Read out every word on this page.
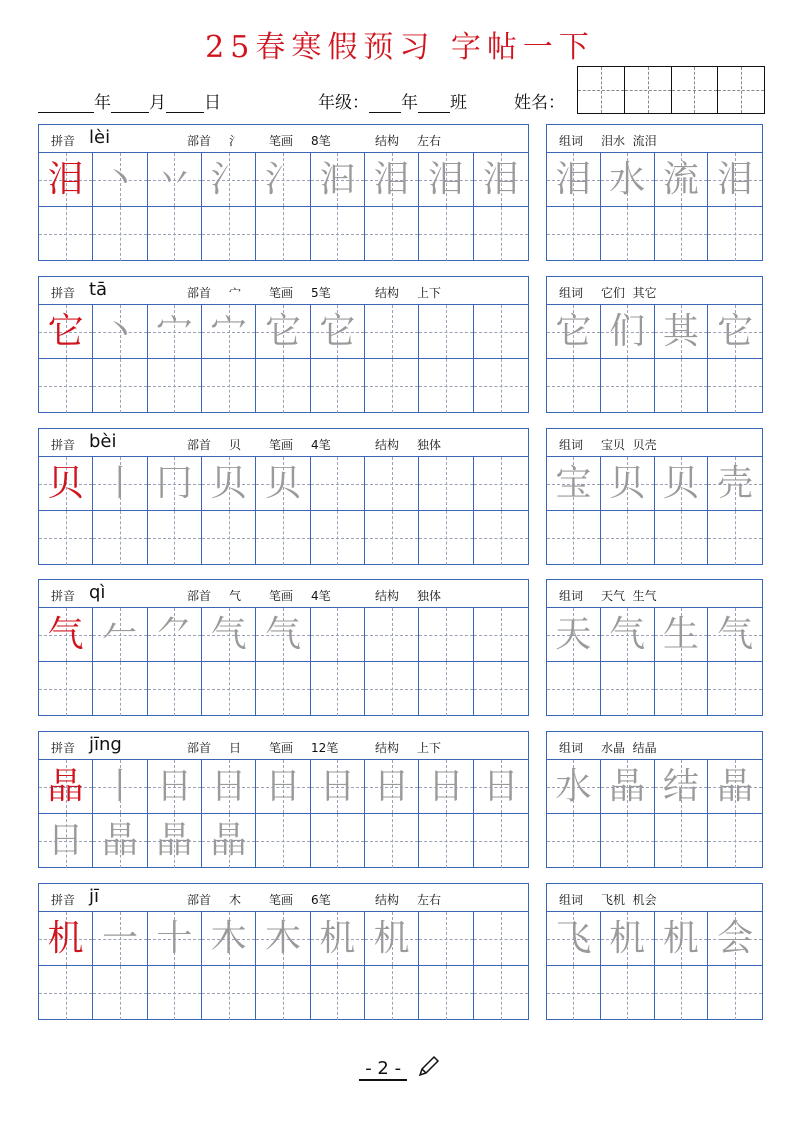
25春寒假预习 字帖一下
年 月 日	年级： 年 班	姓名：
拼音 lèi	部首 氵 笔画 8笔	结构 左右
泪 丶 丷 氵 氵 汩 泪 泪 泪
组词 泪水  流泪
泪 水 流 泪
拼音 tā	部首 宀 笔画 5笔	结构 上下
它 丶 宀 宀 它 它
组词 它们  其它
它 们 其 它
拼音 bèi	部首 贝 笔画 4笔	结构 独体
贝 丨 冂 贝 贝
组词 宝贝  贝壳
宝 贝 贝 壳
拼音 qì	部首 气 笔画 4笔	结构 独体
气 𠂉 ⺈ 气 气
组词 天气  生气
天 气 生 气
拼音 jīng	部首 日 笔画 12笔	结构 上下
晶 丨 日 日 日 日 日 日 日
日 晶 晶 晶
组词 水晶  结晶
水 晶 结 晶
拼音 jī	部首 木 笔画 6笔	结构 左右
机 一 十 木 木 机 机
组词 飞机  机会
飞 机 机 会
- 2 -
